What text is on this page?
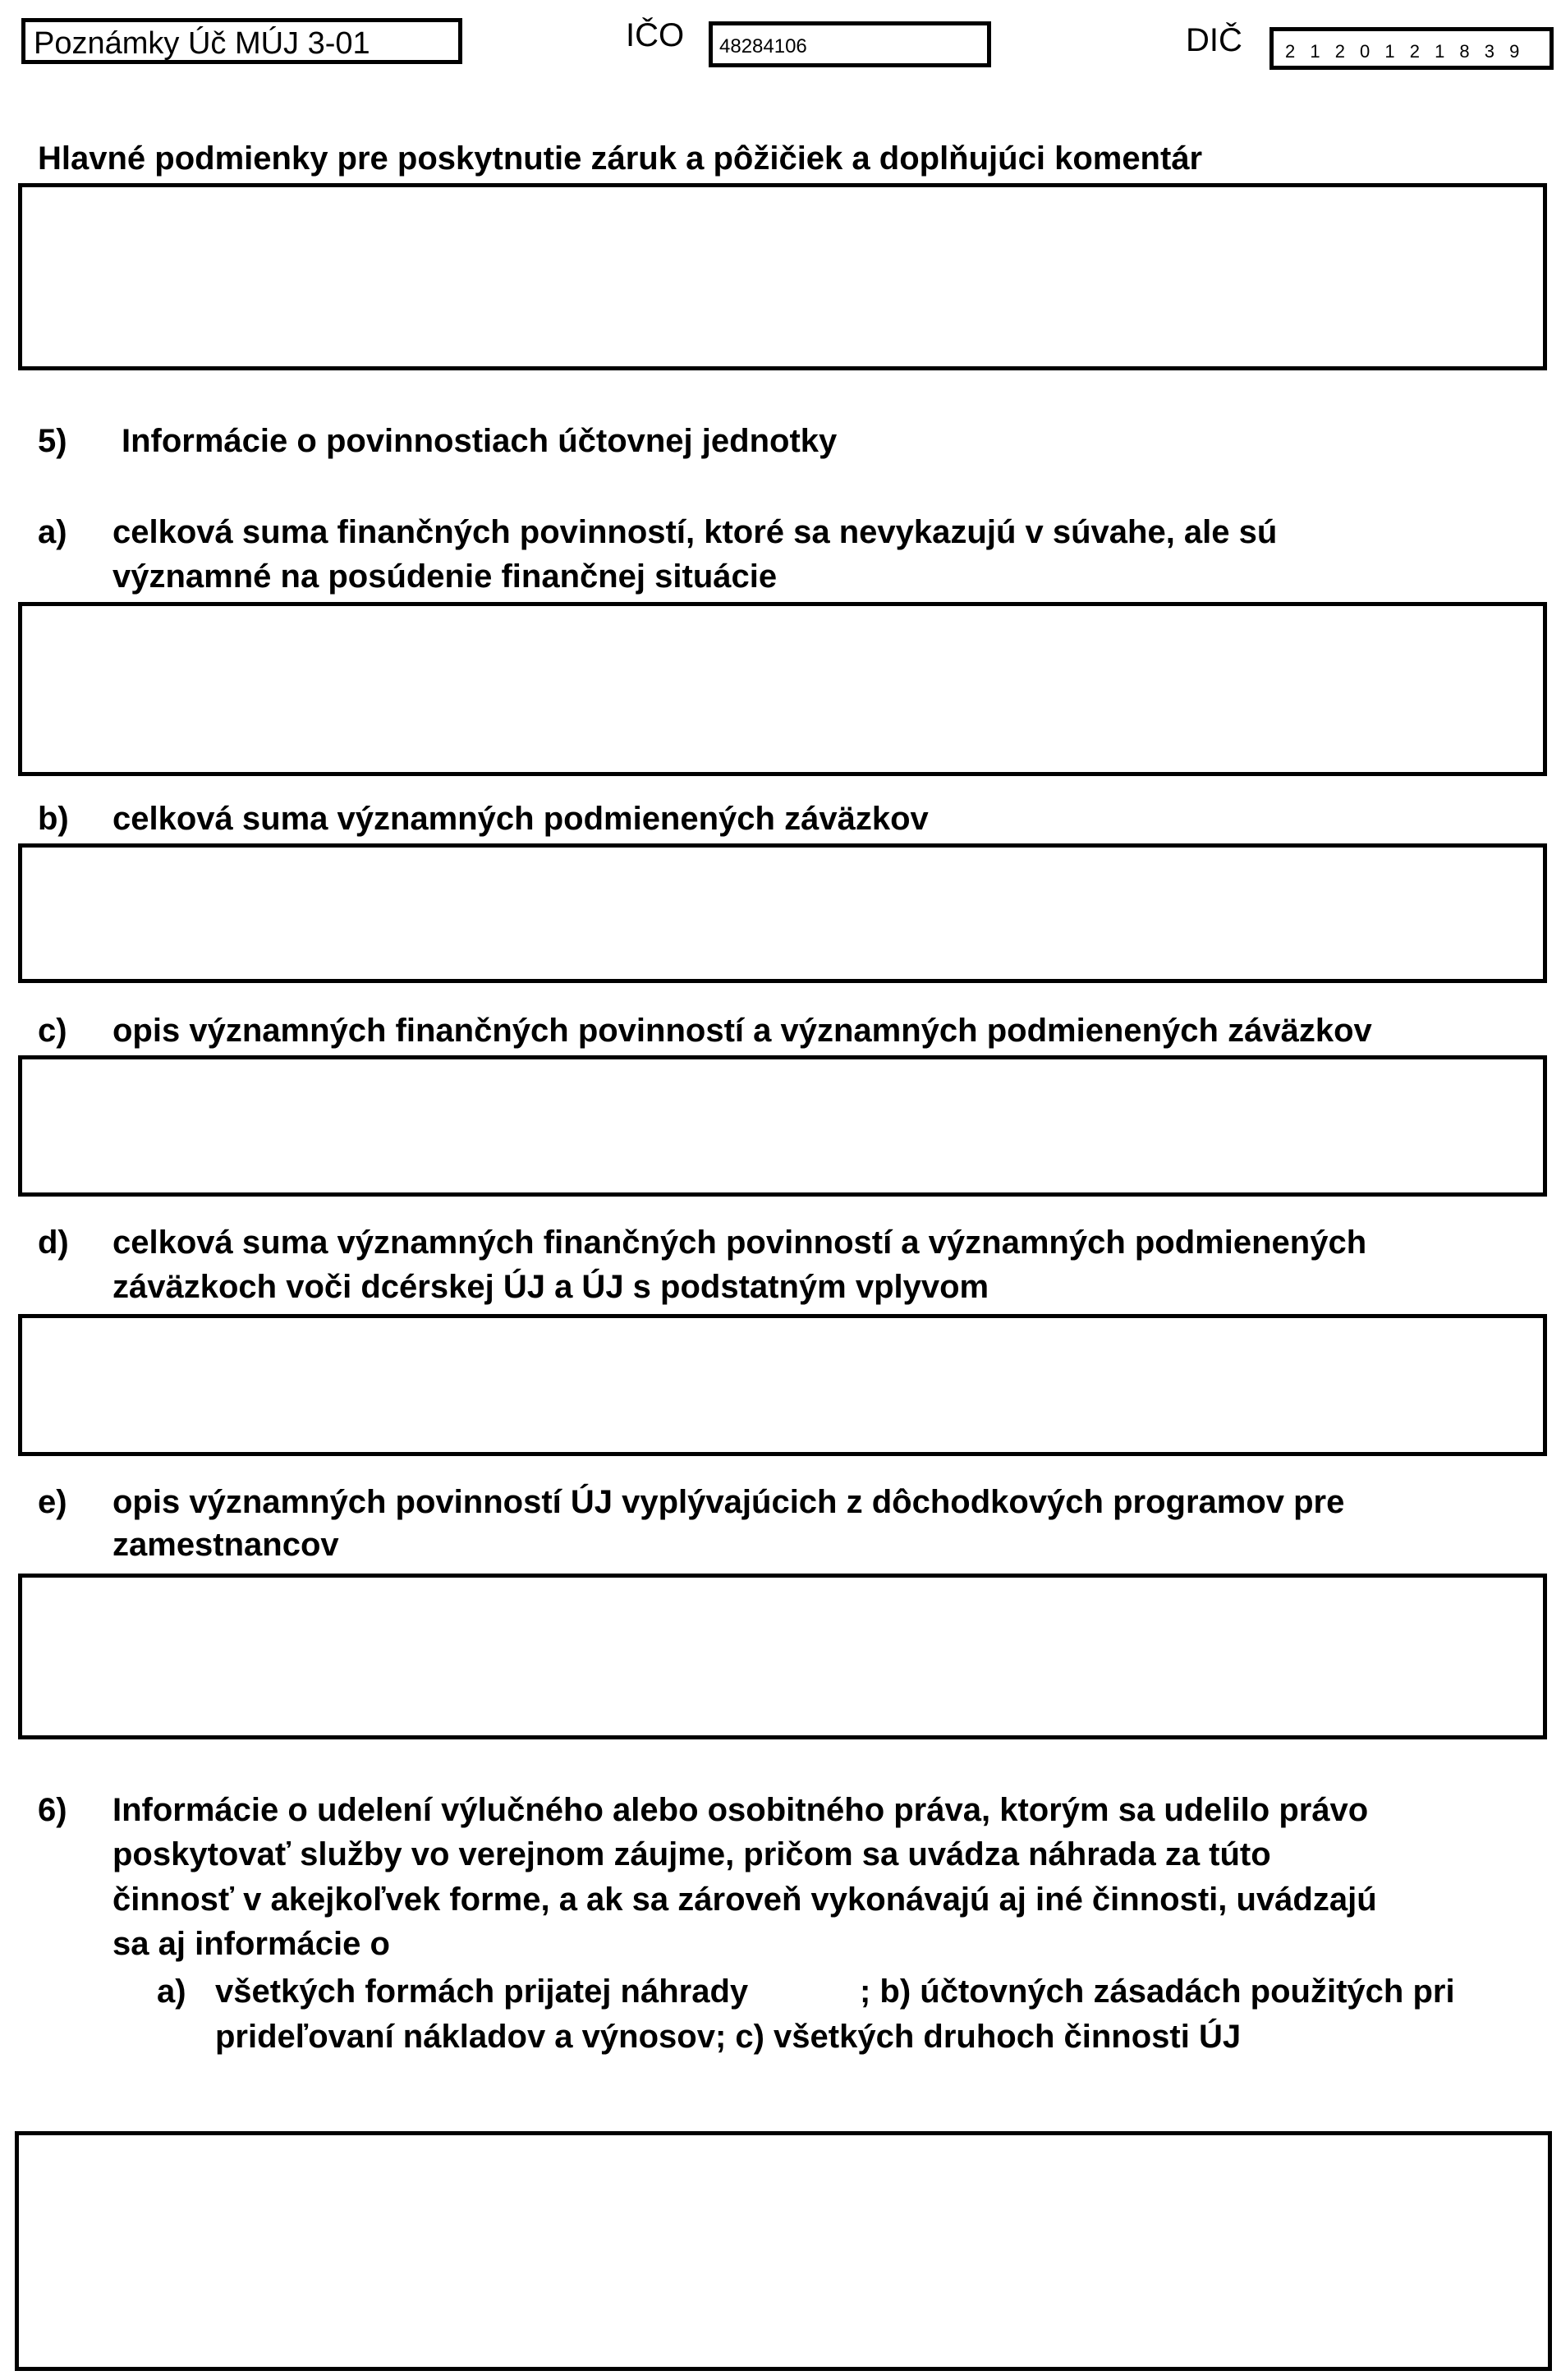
Poznámky Úč MÚJ 3-01	IČO 48284106	DIČ 2 1 2 0 1 2 1 8 3 9
Hlavné podmienky pre poskytnutie záruk a pôžičiek a doplňujúci komentár
5) Informácie o povinnostiach účtovnej jednotky
a) celková suma finančných povinností, ktoré sa nevykazujú v súvahe, ale sú
významné na posúdenie finančnej situácie
b) celková suma významných podmienených záväzkov
c) opis významných finančných povinností a významných podmienených záväzkov
d) celková suma významných finančných povinností a významných podmienených
záväzkoch voči dcérskej ÚJ a ÚJ s podstatným vplyvom
e) opis významných povinností ÚJ vyplývajúcich z dôchodkových programov pre
zamestnancov
6) Informácie o udelení výlučného alebo osobitného práva, ktorým sa udelilo právo
poskytovať služby vo verejnom záujme, pričom sa uvádza náhrada za túto
činnosť v akejkoľvek forme, a ak sa zároveň vykonávajú aj iné činnosti, uvádzajú
sa aj informácie o
a) všetkých formách prijatej náhrady	; b) účtovných zásadách použitých pri
prideľovaní nákladov a výnosov; c) všetkých druhoch činnosti ÚJ
